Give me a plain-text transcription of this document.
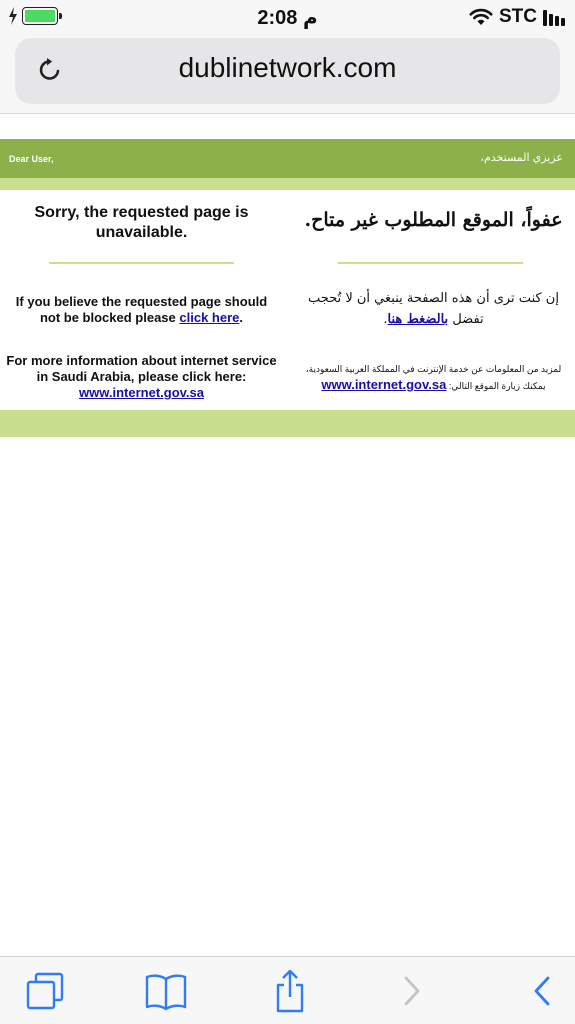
2:08 م	STC
dublinetwork.com
Dear User,	عزيزي المستخدم،
Sorry, the requested page is unavailable.
If you believe the requested page should not be blocked please click here.
For more information about internet service in Saudi Arabia, please click here: www.internet.gov.sa
عفواً، الموقع المطلوب غير متاح.
إن كنت ترى أن هذه الصفحة ينبغي أن لا تُحجب تفضل بالضغط هنا.
لمزيد من المعلومات عن خدمة الإنترنت في المملكة العربية السعودية،
يمكنك زيارة الموقع التالي: www.internet.gov.sa
